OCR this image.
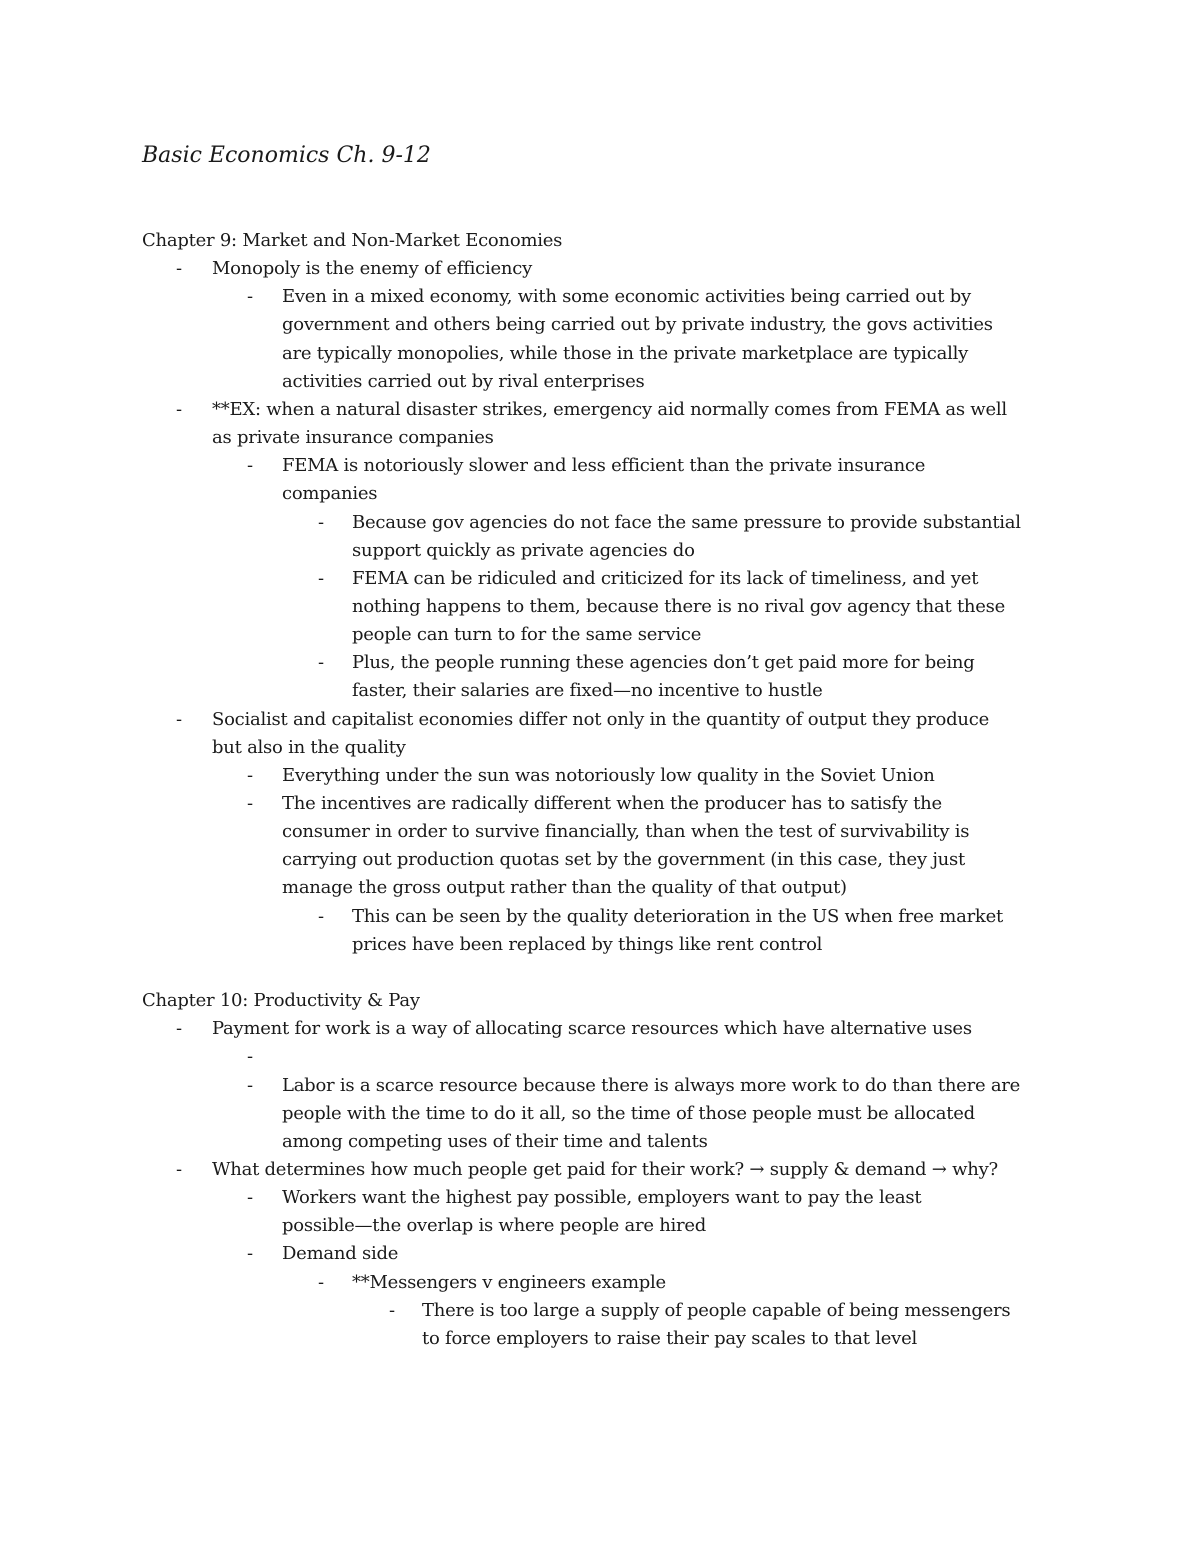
Basic Economics Ch. 9-12
Chapter 9: Market and Non-Market Economies
- Monopoly is the enemy of efficiency
- Even in a mixed economy, with some economic activities being carried out by
government and others being carried out by private industry, the govs activities
are typically monopolies, while those in the private marketplace are typically
activities carried out by rival enterprises
- **EX: when a natural disaster strikes, emergency aid normally comes from FEMA as well
as private insurance companies
- FEMA is notoriously slower and less efficient than the private insurance
companies
- Because gov agencies do not face the same pressure to provide substantial
support quickly as private agencies do
- FEMA can be ridiculed and criticized for its lack of timeliness, and yet
nothing happens to them, because there is no rival gov agency that these
people can turn to for the same service
- Plus, the people running these agencies don’t get paid more for being
faster, their salaries are fixed—no incentive to hustle
- Socialist and capitalist economies differ not only in the quantity of output they produce
but also in the quality
- Everything under the sun was notoriously low quality in the Soviet Union
- The incentives are radically different when the producer has to satisfy the
consumer in order to survive financially, than when the test of survivability is
carrying out production quotas set by the government (in this case, they just
manage the gross output rather than the quality of that output)
- This can be seen by the quality deterioration in the US when free market
prices have been replaced by things like rent control
Chapter 10: Productivity & Pay
- Payment for work is a way of allocating scarce resources which have alternative uses
-
- Labor is a scarce resource because there is always more work to do than there are
people with the time to do it all, so the time of those people must be allocated
among competing uses of their time and talents
- What determines how much people get paid for their work? → supply & demand → why?
- Workers want the highest pay possible, employers want to pay the least
possible—the overlap is where people are hired
- Demand side
- **Messengers v engineers example
- There is too large a supply of people capable of being messengers
to force employers to raise their pay scales to that level
